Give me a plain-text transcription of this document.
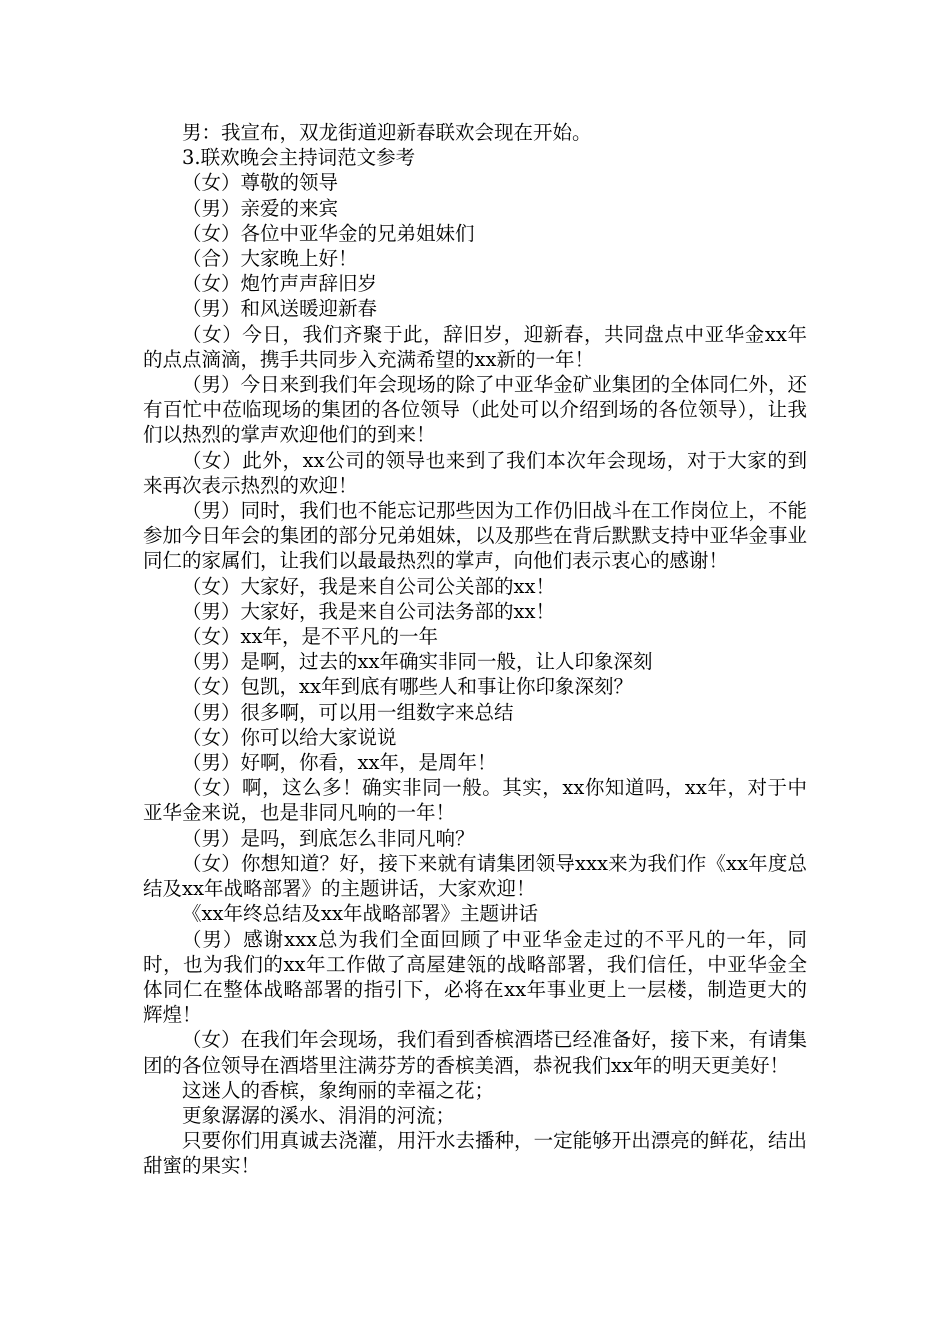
男：我宣布，双龙街道迎新春联欢会现在开始。

3.联欢晚会主持词范文参考

（女）尊敬的领导

（男）亲爱的来宾

（女）各位中亚华金的兄弟姐妹们

（合）大家晚上好！

（女）炮竹声声辞旧岁

（男）和风送暖迎新春

（女）今日，我们齐聚于此，辞旧岁，迎新春，共同盘点中亚华金xx年的点点滴滴，携手共同步入充满希望的xx新的一年！

（男）今日来到我们年会现场的除了中亚华金矿业集团的全体同仁外，还有百忙中莅临现场的集团的各位领导（此处可以介绍到场的各位领导），让我们以热烈的掌声欢迎他们的到来！

（女）此外，xx公司的领导也来到了我们本次年会现场，对于大家的到来再次表示热烈的欢迎！

（男）同时，我们也不能忘记那些因为工作仍旧战斗在工作岗位上，不能参加今日年会的集团的部分兄弟姐妹，以及那些在背后默默支持中亚华金事业同仁的家属们，让我们以最最热烈的掌声，向他们表示衷心的感谢！

（女）大家好，我是来自公司公关部的xx！

（男）大家好，我是来自公司法务部的xx！

（女）xx年，是不平凡的一年

（男）是啊，过去的xx年确实非同一般，让人印象深刻

（女）包凯，xx年到底有哪些人和事让你印象深刻？

（男）很多啊，可以用一组数字来总结

（女）你可以给大家说说

（男）好啊，你看，xx年，是周年！

（女）啊，这么多！确实非同一般。其实，xx你知道吗，xx年，对于中亚华金来说，也是非同凡响的一年！

（男）是吗，到底怎么非同凡响？

（女）你想知道？好，接下来就有请集团领导xxx来为我们作《xx年度总结及xx年战略部署》的主题讲话，大家欢迎！

《xx年终总结及xx年战略部署》主题讲话

（男）感谢xxx总为我们全面回顾了中亚华金走过的不平凡的一年，同时，也为我们的xx年工作做了高屋建瓴的战略部署，我们信任，中亚华金全体同仁在整体战略部署的指引下，必将在xx年事业更上一层楼，制造更大的辉煌！

（女）在我们年会现场，我们看到香槟酒塔已经准备好，接下来，有请集团的各位领导在酒塔里注满芬芳的香槟美酒，恭祝我们xx年的明天更美好！

这迷人的香槟，象绚丽的幸福之花；

更象潺潺的溪水、涓涓的河流；

只要你们用真诚去浇灌，用汗水去播种，一定能够开出漂亮的鲜花，结出甜蜜的果实！
